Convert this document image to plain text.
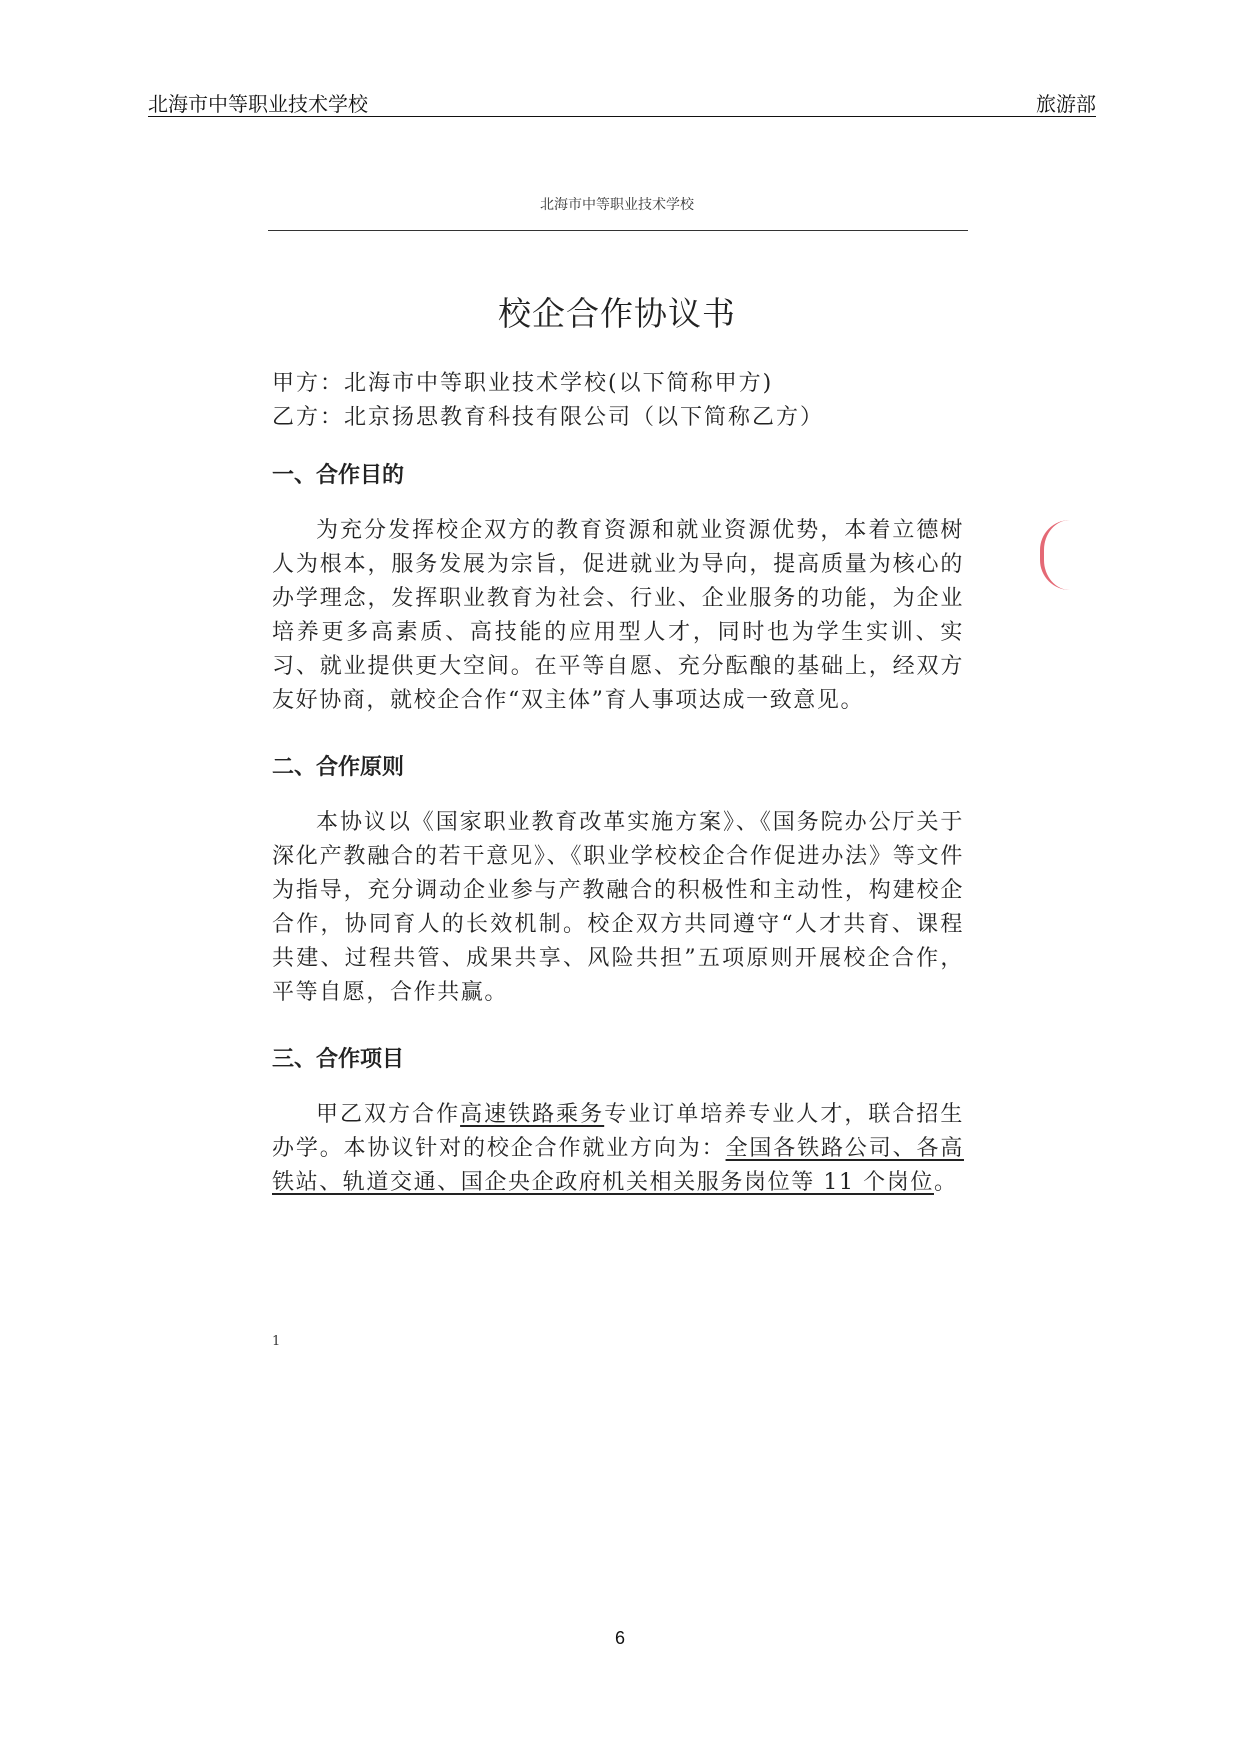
北海市中等职业技术学校	旅游部
北海市中等职业技术学校
校企合作协议书
甲方：北海市中等职业技术学校(以下简称甲方)
乙方：北京扬思教育科技有限公司（以下简称乙方）
一、合作目的
为充分发挥校企双方的教育资源和就业资源优势，本着立德树人为根本，服务发展为宗旨，促进就业为导向，提高质量为核心的办学理念，发挥职业教育为社会、行业、企业服务的功能，为企业培养更多高素质、高技能的应用型人才，同时也为学生实训、实习、就业提供更大空间。在平等自愿、充分酝酿的基础上，经双方友好协商，就校企合作“双主体”育人事项达成一致意见。
二、合作原则
本协议以《国家职业教育改革实施方案》、《国务院办公厅关于深化产教融合的若干意见》、《职业学校校企合作促进办法》等文件为指导，充分调动企业参与产教融合的积极性和主动性，构建校企合作，协同育人的长效机制。校企双方共同遵守“人才共育、课程共建、过程共管、成果共享、风险共担”五项原则开展校企合作，平等自愿，合作共赢。
三、合作项目
甲乙双方合作高速铁路乘务专业订单培养专业人才，联合招生办学。本协议针对的校企合作就业方向为：全国各铁路公司、各高铁站、轨道交通、国企央企政府机关相关服务岗位等 11 个岗位。
1
6
